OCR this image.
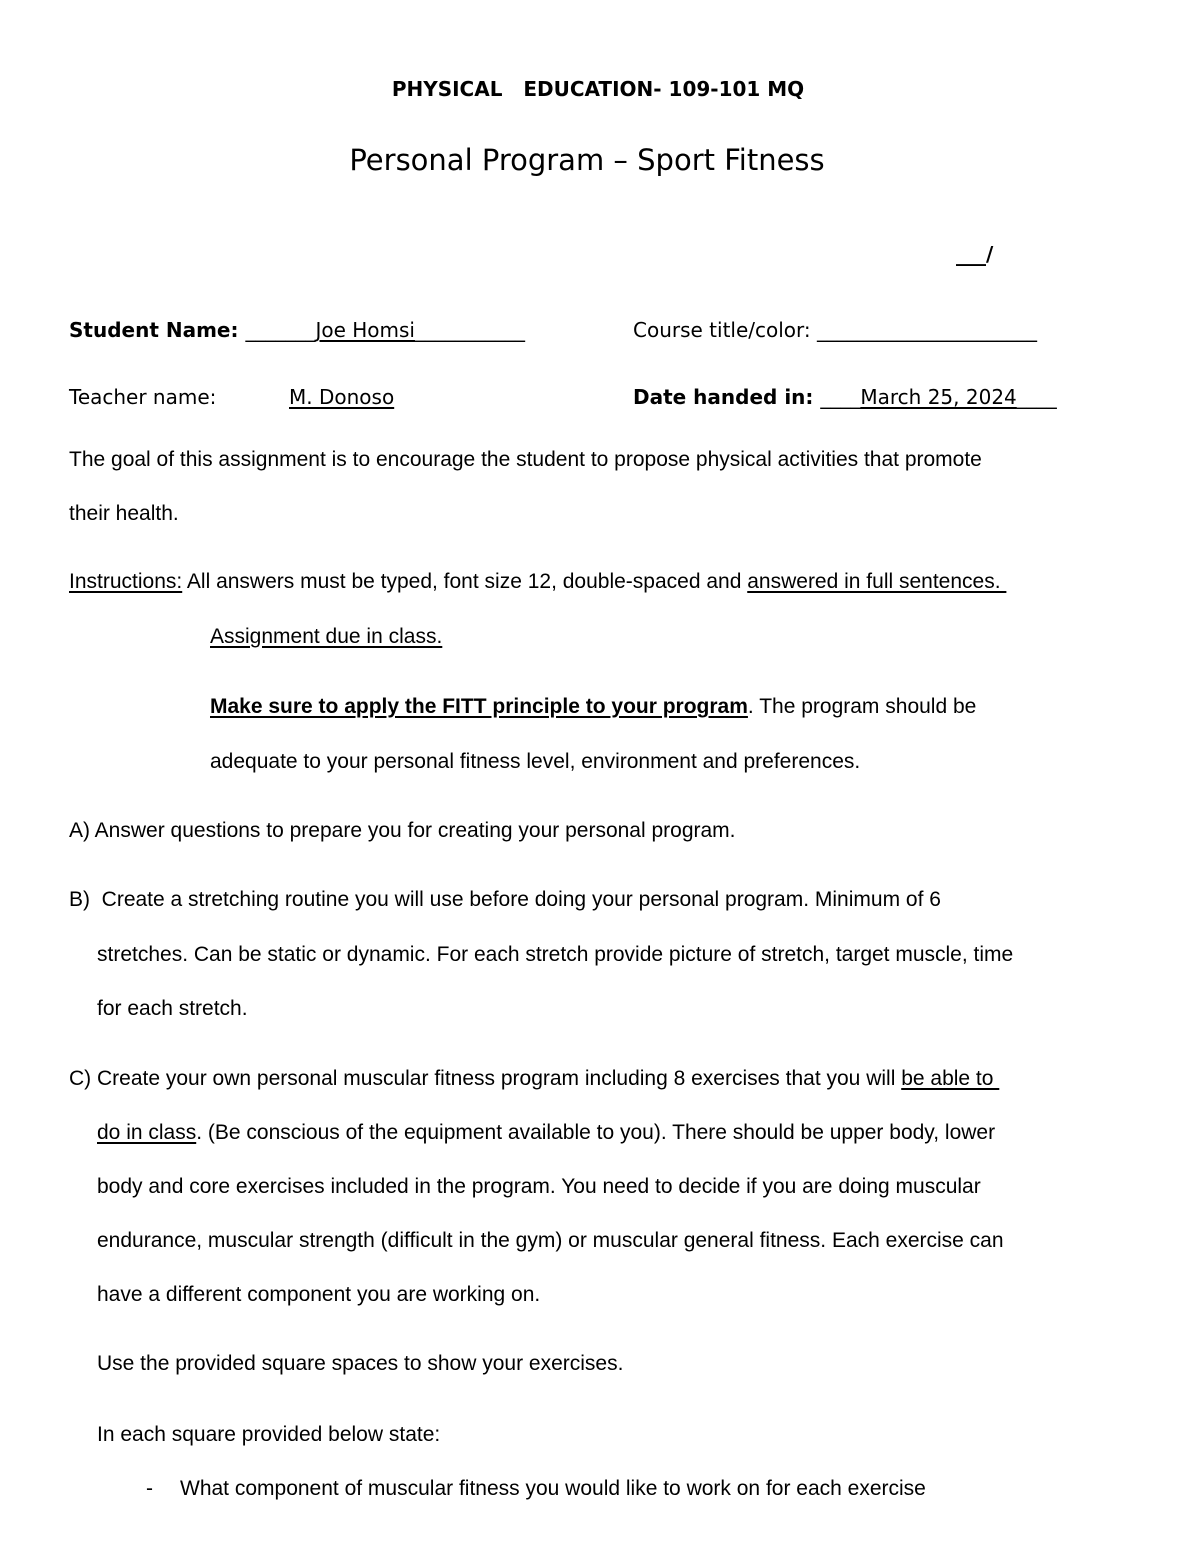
PHYSICAL   EDUCATION- 109-101 MQ
Personal Program – Sport Fitness
___/
Student Name: _______Joe Homsi___________	Course title/color: ______________________
Teacher name:	M. Donoso	Date handed in: ____March 25, 2024____
The goal of this assignment is to encourage the student to propose physical activities that promote
their health.
Instructions: All answers must be typed, font size 12, double-spaced and answered in full sentences.
Assignment due in class.
Make sure to apply the FITT principle to your program. The program should be
adequate to your personal fitness level, environment and preferences.
A) Answer questions to prepare you for creating your personal program.
B)  Create a stretching routine you will use before doing your personal program. Minimum of 6
stretches. Can be static or dynamic. For each stretch provide picture of stretch, target muscle, time
for each stretch.
C) Create your own personal muscular fitness program including 8 exercises that you will be able to
do in class. (Be conscious of the equipment available to you). There should be upper body, lower
body and core exercises included in the program. You need to decide if you are doing muscular
endurance, muscular strength (difficult in the gym) or muscular general fitness. Each exercise can
have a different component you are working on.
Use the provided square spaces to show your exercises.
In each square provided below state:
- What component of muscular fitness you would like to work on for each exercise
